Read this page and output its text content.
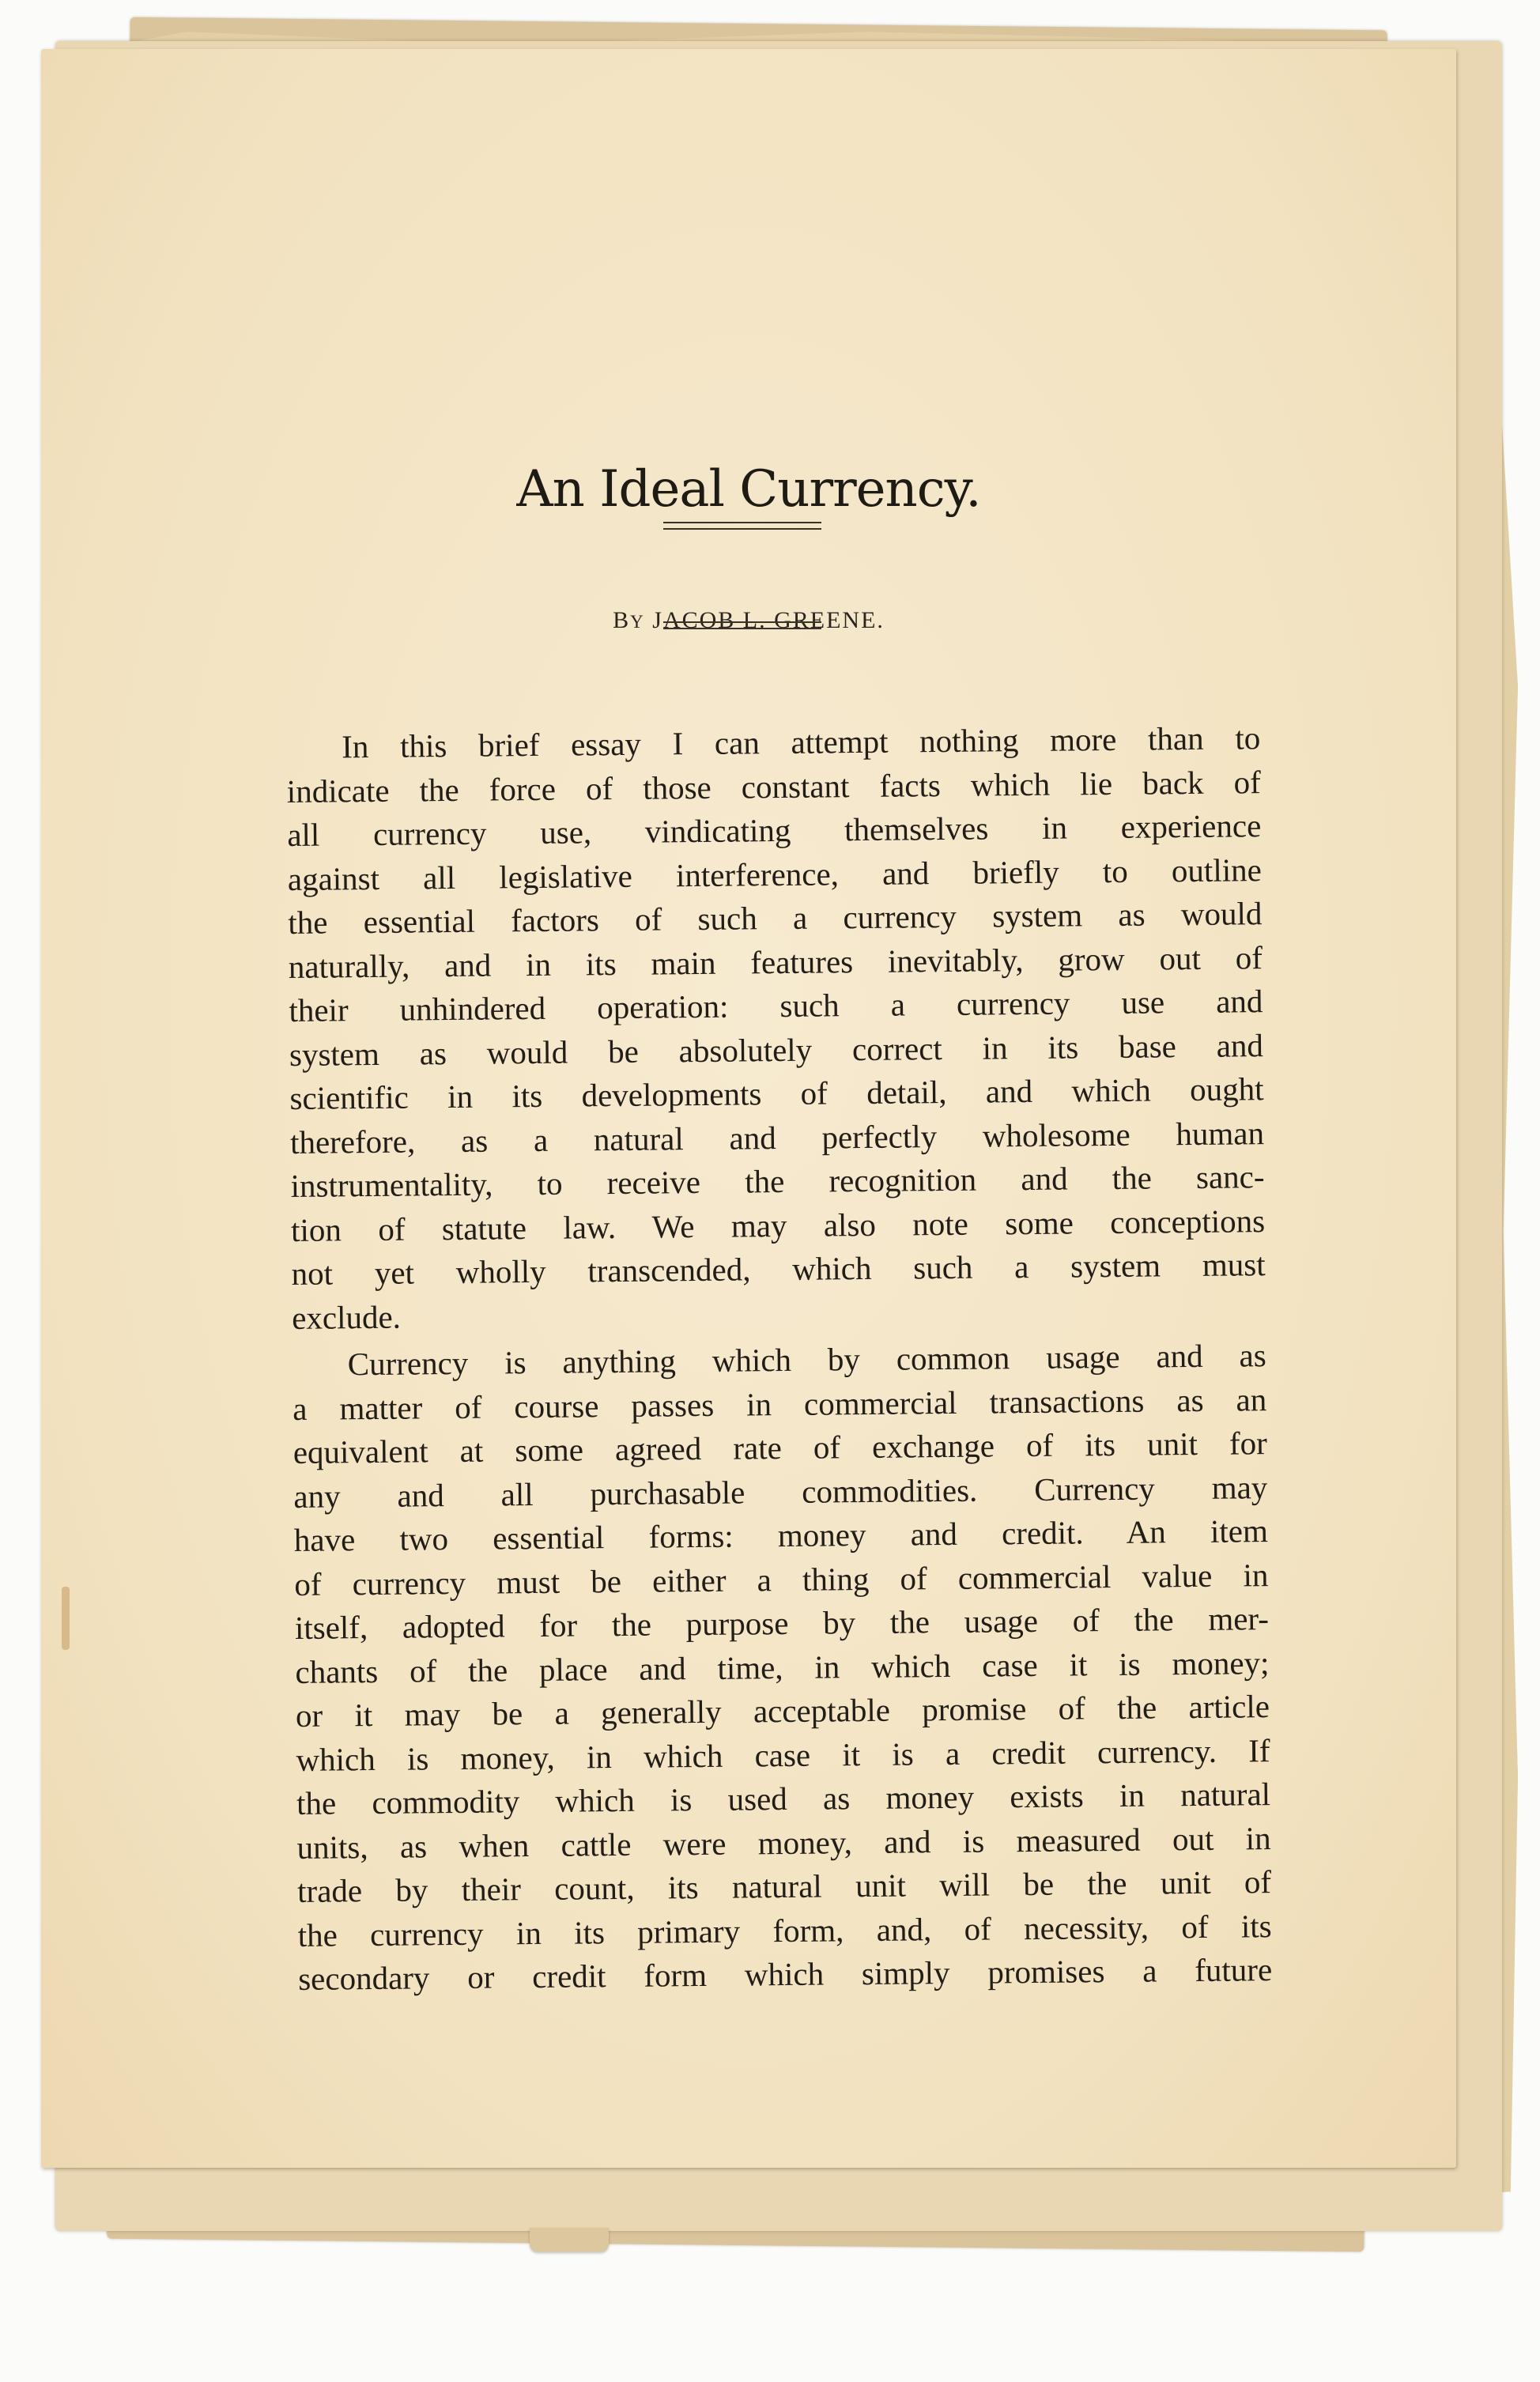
An Ideal Currency.
BY JACOB L. GREENE.
In this brief essay I can attempt nothing more than to
indicate the force of those constant facts which lie back of
all currency use, vindicating themselves in experience
against all legislative interference, and briefly to outline
the essential factors of such a currency system as would
naturally, and in its main features inevitably, grow out of
their unhindered operation: such a currency use and
system as would be absolutely correct in its base and
scientific in its developments of detail, and which ought
therefore, as a natural and perfectly wholesome human
instrumentality, to receive the recognition and the sanc-
tion of statute law. We may also note some conceptions
not yet wholly transcended, which such a system must
exclude.
Currency is anything which by common usage and as
a matter of course passes in commercial transactions as an
equivalent at some agreed rate of exchange of its unit for
any and all purchasable commodities. Currency may
have two essential forms: money and credit. An item
of currency must be either a thing of commercial value in
itself, adopted for the purpose by the usage of the mer-
chants of the place and time, in which case it is money;
or it may be a generally acceptable promise of the article
which is money, in which case it is a credit currency. If
the commodity which is used as money exists in natural
units, as when cattle were money, and is measured out in
trade by their count, its natural unit will be the unit of
the currency in its primary form, and, of necessity, of its
secondary or credit form which simply promises a future
